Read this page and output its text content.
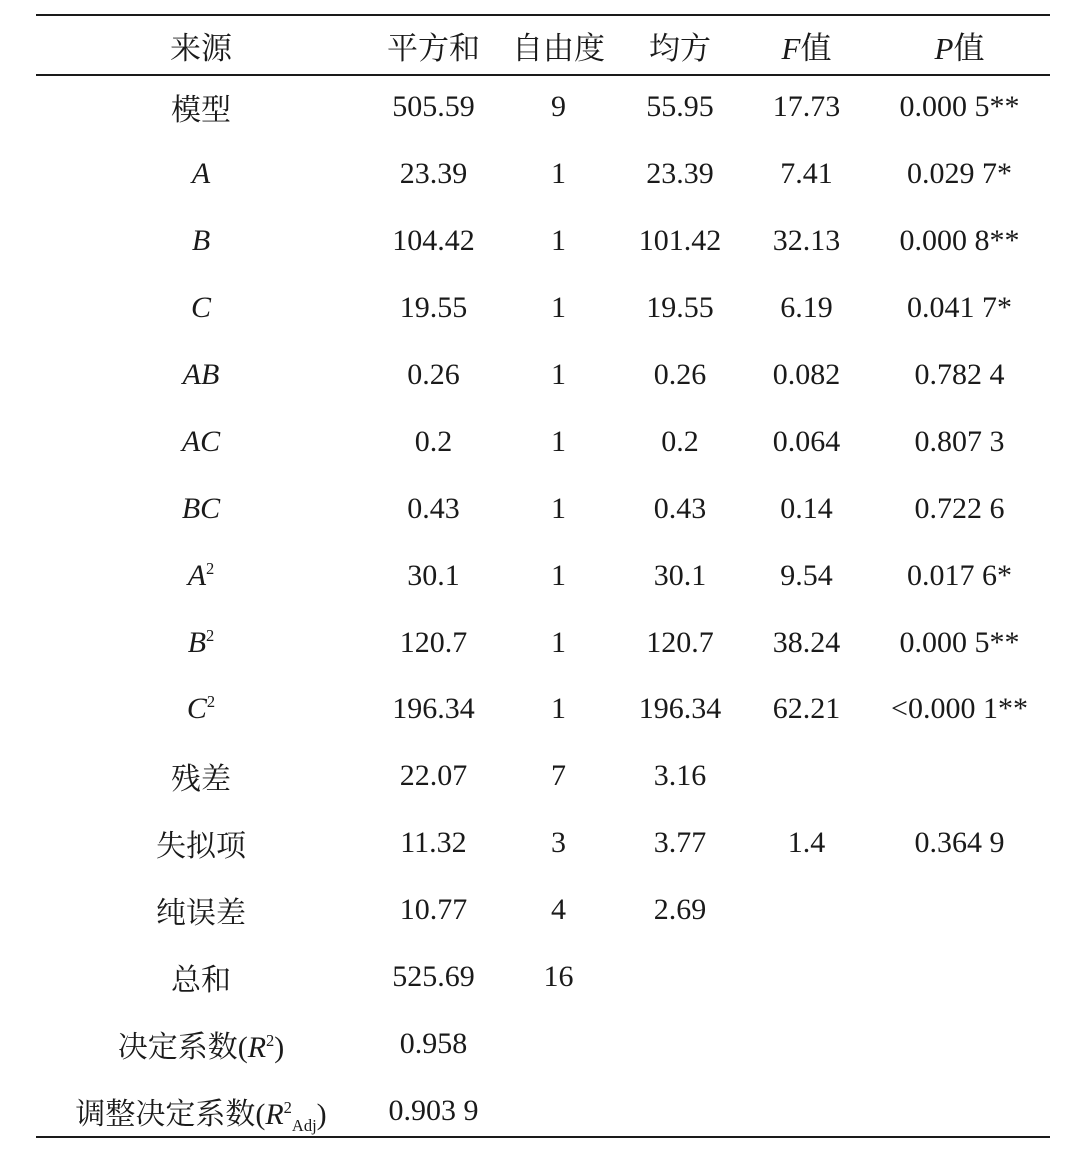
来源	平方和	自由度	均方	F值	P值
模型	505.59	9	55.95	17.73	0.000 5**
A	23.39	1	23.39	7.41	0.029 7*
B	104.42	1	101.42	32.13	0.000 8**
C	19.55	1	19.55	6.19	0.041 7*
AB	0.26	1	0.26	0.082	0.782 4
AC	0.2	1	0.2	0.064	0.807 3
BC	0.43	1	0.43	0.14	0.722 6
$A^2$	30.1	1	30.1	9.54	0.017 6*
$B^2$	120.7	1	120.7	38.24	0.000 5**
$C^2$	196.34	1	196.34	62.21	<0.000 1**
残差	22.07	7	3.16		
失拟项	11.32	3	3.77	1.4	0.364 9
纯误差	10.77	4	2.69		
总和	525.69	16			
决定系数$(R^2)$	0.958				
调整决定系数$(R^2_{Adj})$	0.903 9				
